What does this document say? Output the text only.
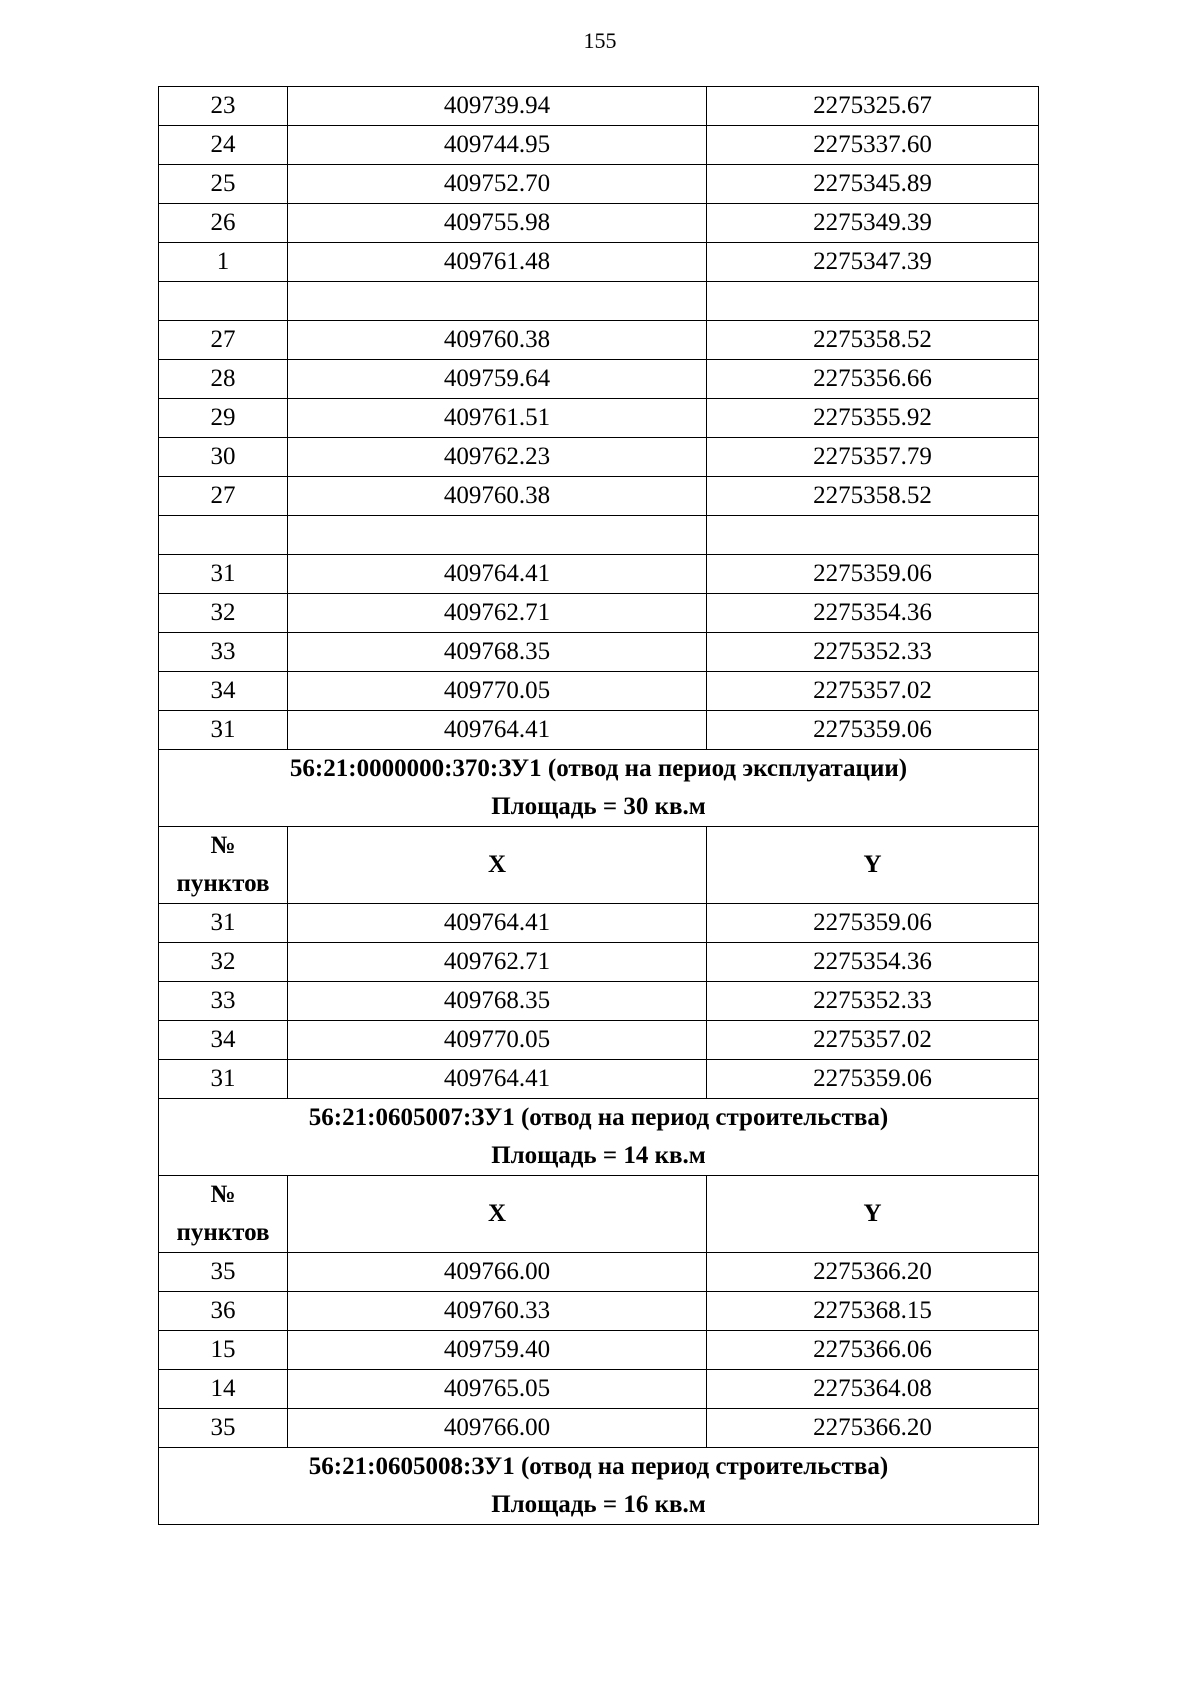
155
23	409739.94	2275325.67
24	409744.95	2275337.60
25	409752.70	2275345.89
26	409755.98	2275349.39
1	409761.48	2275347.39

27	409760.38	2275358.52
28	409759.64	2275356.66
29	409761.51	2275355.92
30	409762.23	2275357.79
27	409760.38	2275358.52

31	409764.41	2275359.06
32	409762.71	2275354.36
33	409768.35	2275352.33
34	409770.05	2275357.02
31	409764.41	2275359.06

56:21:0000000:370:ЗУ1 (отвод на период эксплуатации)
Площадь = 30 кв.м		

№
пунктов	X	Y
31	409764.41	2275359.06
32	409762.71	2275354.36
33	409768.35	2275352.33
34	409770.05	2275357.02
31	409764.41	2275359.06

56:21:0605007:ЗУ1 (отвод на период строительства)
Площадь = 14 кв.м		

№
пунктов	X	Y
35	409766.00	2275366.20
36	409760.33	2275368.15
15	409759.40	2275366.06
14	409765.05	2275364.08
35	409766.00	2275366.20

56:21:0605008:ЗУ1 (отвод на период строительства)
Площадь = 16 кв.м		
